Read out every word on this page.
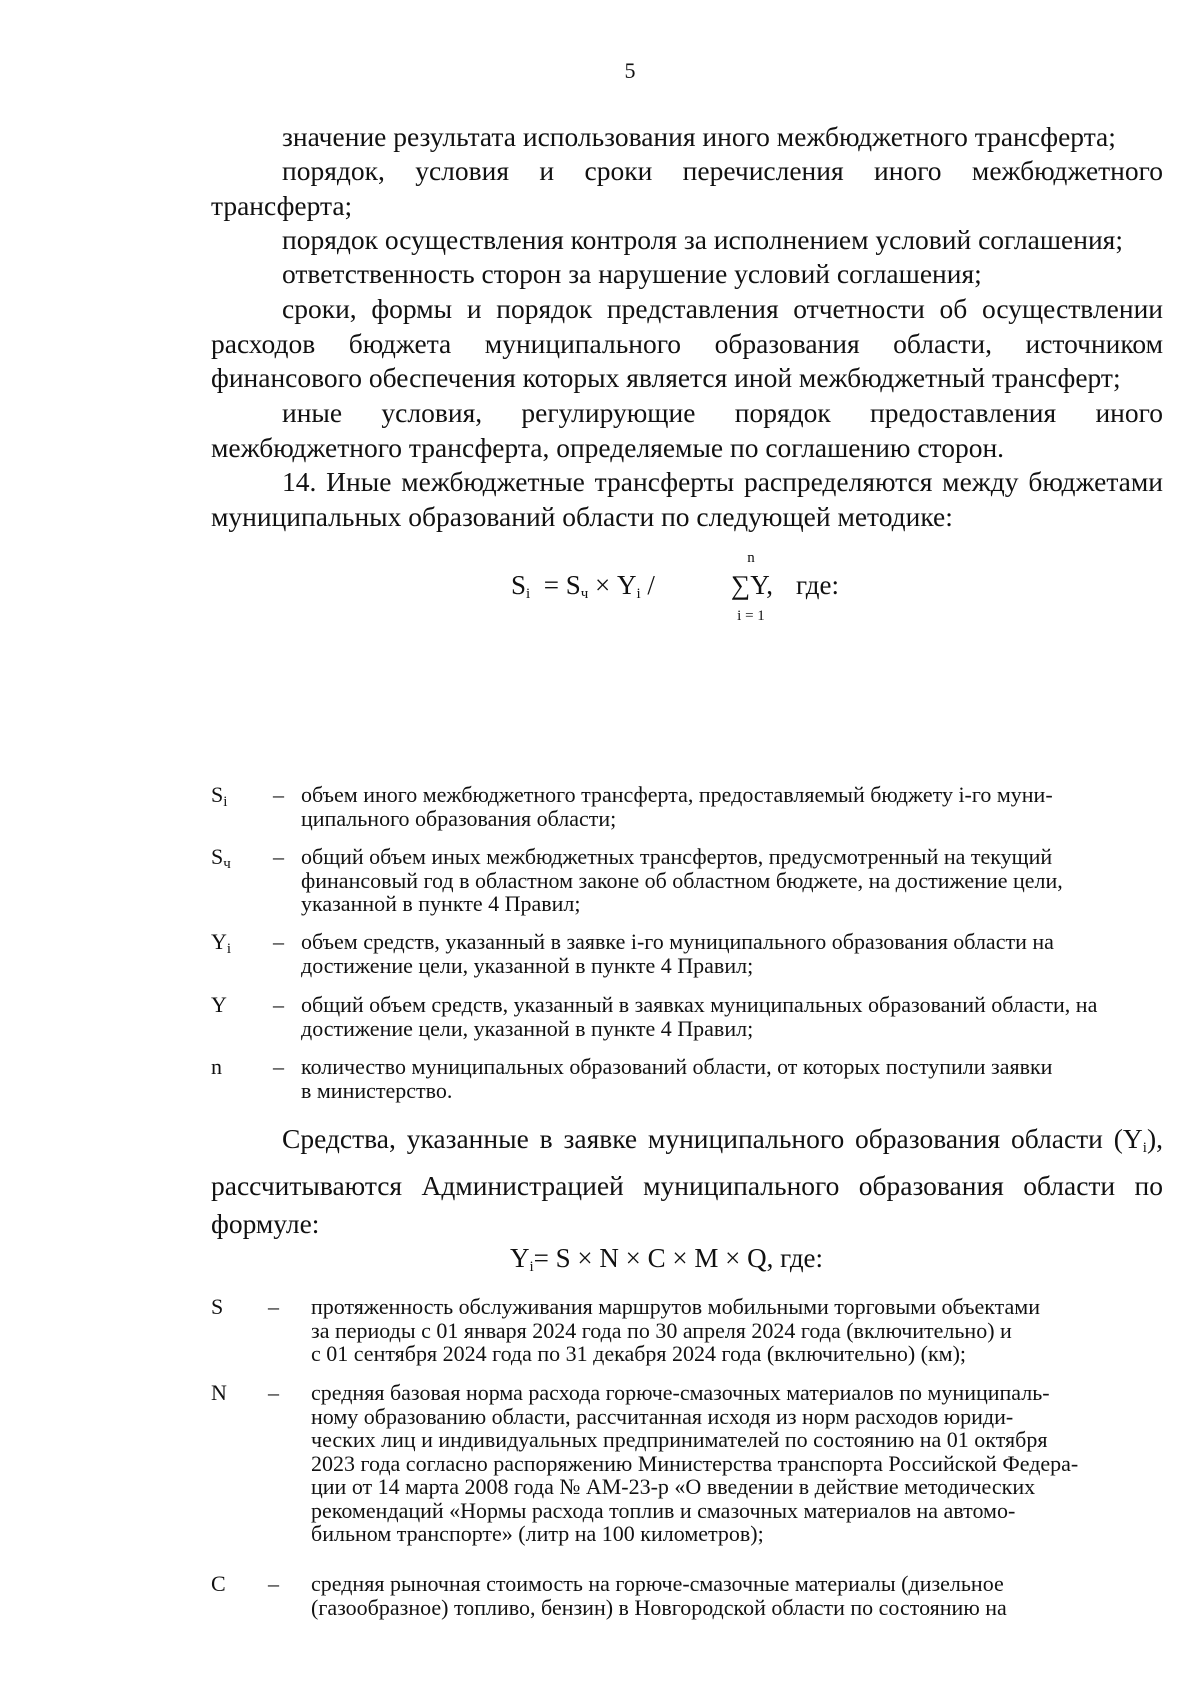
5

значение результата использования иного межбюджетного трансферта;

порядок, условия и сроки перечисления иного межбюджетного трансферта;

порядок осуществления контроля за исполнением условий соглашения;

ответственность сторон за нарушение условий соглашения;

сроки, формы и порядок представления отчетности об осуществлении расходов бюджета муниципального образования области, источником финансового обеспечения которых является иной межбюджетный трансферт;

иные условия, регулирующие порядок предоставления иного межбюджетного трансферта, определяемые по соглашению сторон.

14. Иные межбюджетные трансферты распределяются между бюджетами муниципальных образований области по следующей методике:

$S_i = S_ч \times Y_i$ /
n
∑Y,
i = 1
где:
$S_i$ – объем иного межбюджетного трансферта, предоставляемый бюджету i-го муни-
ципального образования области;
$S_ч$ – общий объем иных межбюджетных трансфертов, предусмотренный на текущий
финансовый год в областном законе об областном бюджете, на достижение цели,
указанной в пункте 4 Правил;
$Y_i$ – объем средств, указанный в заявке i-го муниципального образования области на
достижение цели, указанной в пункте 4 Правил;
Y – общий объем средств, указанный в заявках муниципальных образований области, на
достижение цели, указанной в пункте 4 Правил;
n – количество муниципальных образований области, от которых поступили заявки
в министерство.

Средства, указанные в заявке муниципального образования области $(Y_i)$, рассчитываются Администрацией муниципального образования области по формуле:

$Y_i= S \times N \times C \times M \times Q$, где:
S – протяженность обслуживания маршрутов мобильными торговыми объектами
за периоды с 01 января 2024 года по 30 апреля 2024 года (включительно) и
с 01 сентября 2024 года по 31 декабря 2024 года (включительно) (км);
N – средняя базовая норма расхода горюче-смазочных материалов по муниципаль-
ному образованию области, рассчитанная исходя из норм расходов юриди-
ческих лиц и индивидуальных предпринимателей по состоянию на 01 октября
2023 года согласно распоряжению Министерства транспорта Российской Федера-
ции от 14 марта 2008 года № АМ-23-р «О введении в действие методических
рекомендаций «Нормы расхода топлив и смазочных материалов на автомо-
бильном транспорте» (литр на 100 километров);
C – средняя рыночная стоимость на горюче-смазочные материалы (дизельное
(газообразное) топливо, бензин) в Новгородской области по состоянию на
